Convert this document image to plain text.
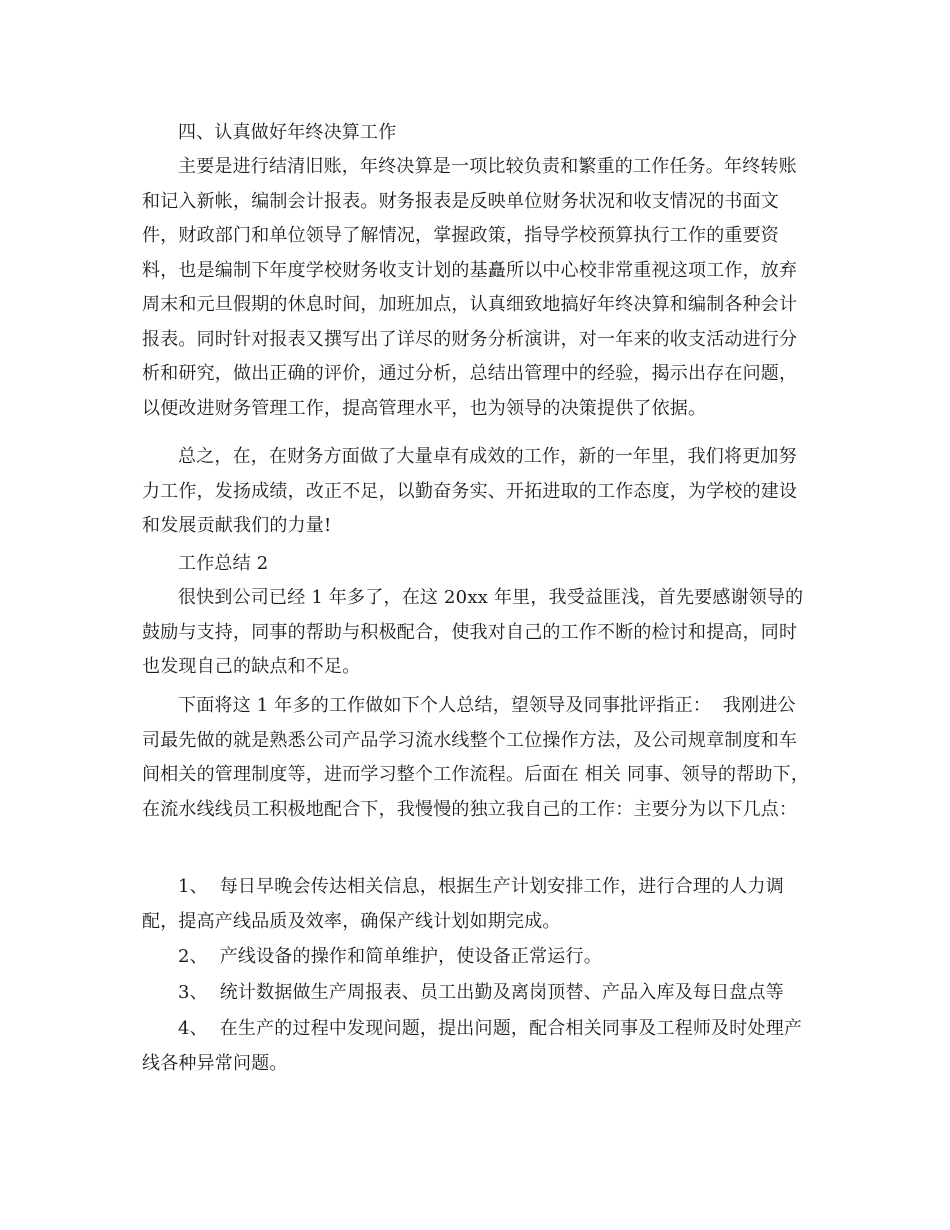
四、认真做好年终决算工作
主要是进行结清旧账，年终决算是一项比较负责和繁重的工作任务。年终转账和记入新帐，编制会计报表。财务报表是反映单位财务状况和收支情况的书面文件，财政部门和单位领导了解情况，掌握政策，指导学校预算执行工作的重要资料，也是编制下年度学校财务收支计划的基矗所以中心校非常重视这项工作，放弃周末和元旦假期的休息时间，加班加点，认真细致地搞好年终决算和编制各种会计报表。同时针对报表又撰写出了详尽的财务分析演讲，对一年来的收支活动进行分析和研究，做出正确的评价，通过分析，总结出管理中的经验，揭示出存在问题，以便改进财务管理工作，提高管理水平，也为领导的决策提供了依据。
总之，在，在财务方面做了大量卓有成效的工作，新的一年里，我们将更加努力工作，发扬成绩，改正不足，以勤奋务实、开拓进取的工作态度，为学校的建设和发展贡献我们的力量!
工作总结 2
很快到公司已经 1 年多了，在这 20xx 年里，我受益匪浅，首先要感谢领导的鼓励与支持，同事的帮助与积极配合，使我对自己的工作不断的检讨和提高，同时也发现自己的缺点和不足。
下面将这 1 年多的工作做如下个人总结，望领导及同事批评指正：  我刚进公司最先做的就是熟悉公司产品学习流水线整个工位操作方法，及公司规章制度和车间相关的管理制度等，进而学习整个工作流程。后面在 相关 同事、领导的帮助下，在流水线线员工积极地配合下，我慢慢的独立我自己的工作：主要分为以下几点：
1、  每日早晚会传达相关信息，根据生产计划安排工作，进行合理的人力调配，提高产线品质及效率，确保产线计划如期完成。
2、  产线设备的操作和简单维护，使设备正常运行。
3、  统计数据做生产周报表、员工出勤及离岗顶替、产品入库及每日盘点等
4、  在生产的过程中发现问题，提出问题，配合相关同事及工程师及时处理产线各种异常问题。
